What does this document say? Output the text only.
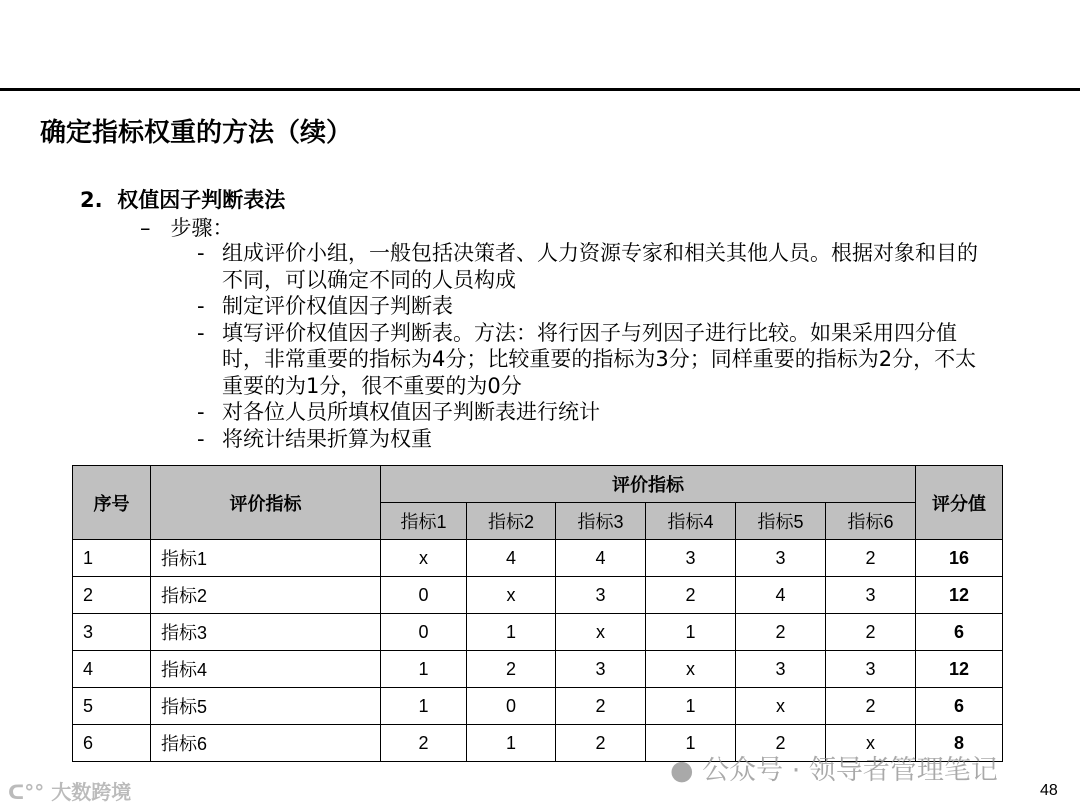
确定指标权重的方法（续）
2. 权值因子判断表法
–   步骤：
- 组成评价小组，一般包括决策者、人力资源专家和相关其他人员。根据对象和目的不同，可以确定不同的人员构成
- 制定评价权值因子判断表
- 填写评价权值因子判断表。方法：将行因子与列因子进行比较。如果采用四分值时，非常重要的指标为4分；比较重要的指标为3分；同样重要的指标为2分，不太重要的为1分，很不重要的为0分
- 对各位人员所填权值因子判断表进行统计
- 将统计结果折算为权重
序号	评价指标	评价指标						评分值
		指标1	指标2	指标3	指标4	指标5	指标6	
1	指标1	x	4	4	3	3	2	16
2	指标2	0	x	3	2	4	3	12
3	指标3	0	1	x	1	2	2	6
4	指标4	1	2	3	x	3	3	12
5	指标5	1	0	2	1	x	2	6
6	指标6	2	1	2	1	2	x	8
● 公众号 · 领导者管理笔记
ᑕ°° 大数跨境	48
